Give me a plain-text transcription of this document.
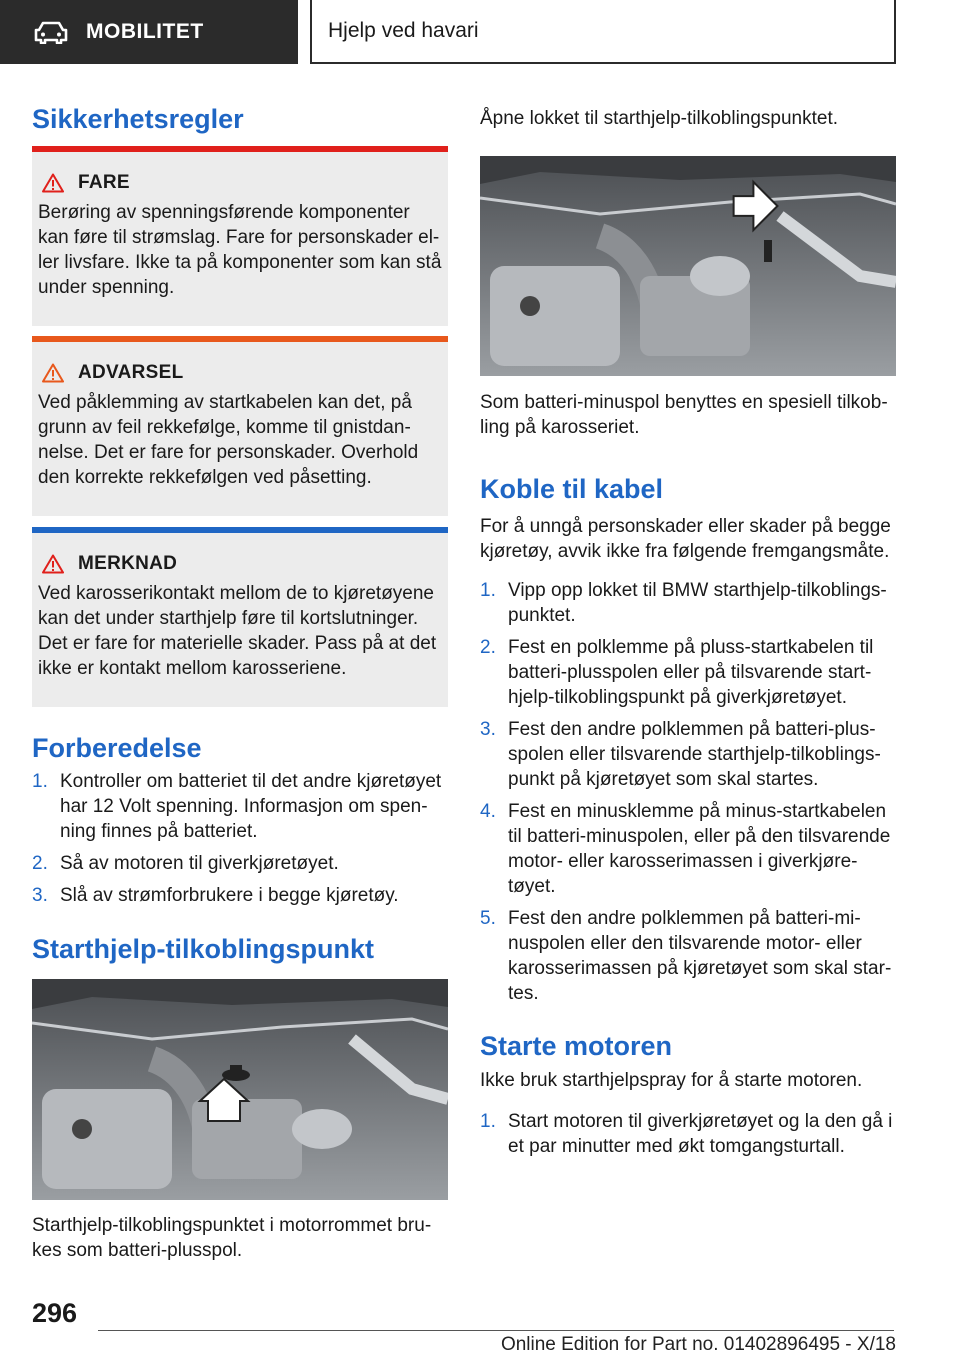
MOBILITET	Hjelp ved havari
Sikkerhetsregler
FARE
Berøring av spenningsførende komponenter kan føre til strømslag. Fare for personskader eller livsfare. Ikke ta på komponenter som kan stå under spenning.
ADVARSEL
Ved påklemming av startkabelen kan det, på grunn av feil rekkefølge, komme til gnistdannelse. Det er fare for personskader. Overhold den korrekte rekkefølgen ved påsetting.
MERKNAD
Ved karosserikontakt mellom de to kjøretøyene kan det under starthjelp føre til kortslutninger. Det er fare for materielle skader. Pass på at det ikke er kontakt mellom karosseriene.
Forberedelse
1. Kontroller om batteriet til det andre kjøretøyet har 12 Volt spenning. Informasjon om spenning finnes på batteriet.
2. Så av motoren til giverkjøretøyet.
3. Slå av strømforbrukere i begge kjøretøy.
Starthjelp-tilkoblingspunkt

Starthjelp-tilkoblingspunktet i motorrommet brukes som batteri-plusspol.

Åpne lokket til starthjelp-tilkoblingspunktet.

Som batteri-minuspol benyttes en spesiell tilkobling på karosseriet.

Koble til kabel

For å unngå personskader eller skader på begge kjøretøy, avvik ikke fra følgende fremgangsmåte.

1. Vipp opp lokket til BMW starthjelp-tilkoblingspunktet.
2. Fest en polklemme på pluss-startkabelen til batteri-plusspolen eller på tilsvarende starthjelp-tilkoblingspunkt på giverkjøretøyet.
3. Fest den andre polklemmen på batteri-plusspolen eller tilsvarende starthjelp-tilkoblingspunkt på kjøretøyet som skal startes.
4. Fest en minusklemme på minus-startkabelen til batteri-minuspolen, eller på den tilsvarende motor- eller karosserimassen i giverkjøretøyet.
5. Fest den andre polklemmen på batteri-minuspolen eller den tilsvarende motor- eller karosserimassen på kjøretøyet som skal startes.
Starte motoren

Ikke bruk starthjelpspray for å starte motoren.

1. Start motoren til giverkjøretøyet og la den gå i et par minutter med økt tomgangsturtall.
296
Online Edition for Part no. 01402896495 - X/18
